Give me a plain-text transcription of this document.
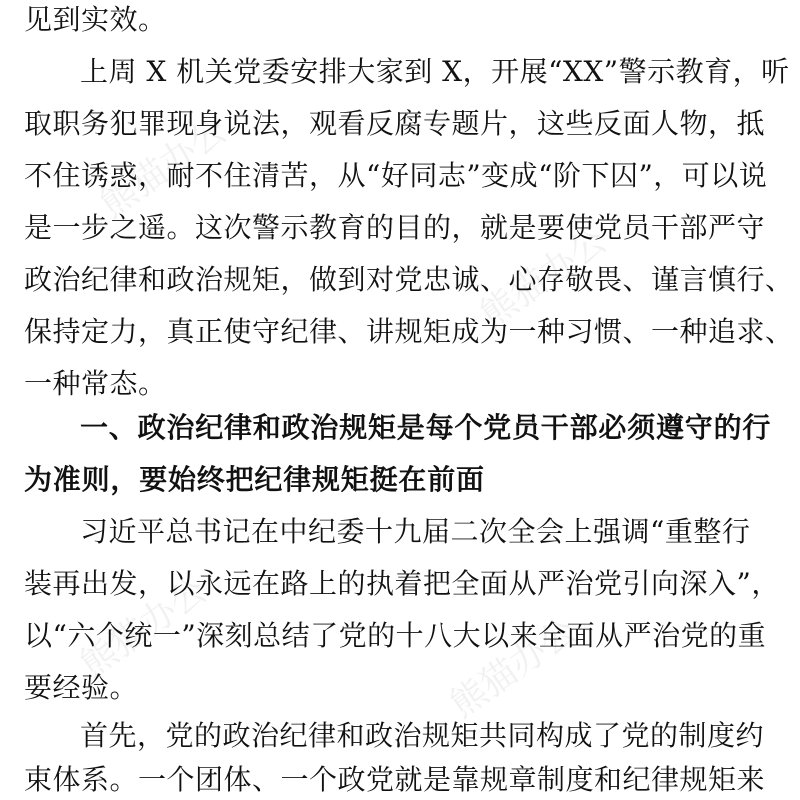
熊猫办公
熊猫办公
熊猫办公	熊猫办公
见到实效。
上周 X 机关党委安排大家到 X，开展“XX”警示教育，听
取职务犯罪现身说法，观看反腐专题片，这些反面人物，抵
不住诱惑，耐不住清苦，从“好同志”变成“阶下囚”，可以说
是一步之遥。这次警示教育的目的，就是要使党员干部严守
政治纪律和政治规矩，做到对党忠诚、心存敬畏、谨言慎行、
保持定力，真正使守纪律、讲规矩成为一种习惯、一种追求、
一种常态。
一、政治纪律和政治规矩是每个党员干部必须遵守的行
为准则，要始终把纪律规矩挺在前面
习近平总书记在中纪委十九届二次全会上强调“重整行
装再出发，以永远在路上的执着把全面从严治党引向深入”，
以“六个统一”深刻总结了党的十八大以来全面从严治党的重
要经验。
首先，党的政治纪律和政治规矩共同构成了党的制度约
束体系。一个团体、一个政党就是靠规章制度和纪律规矩来
